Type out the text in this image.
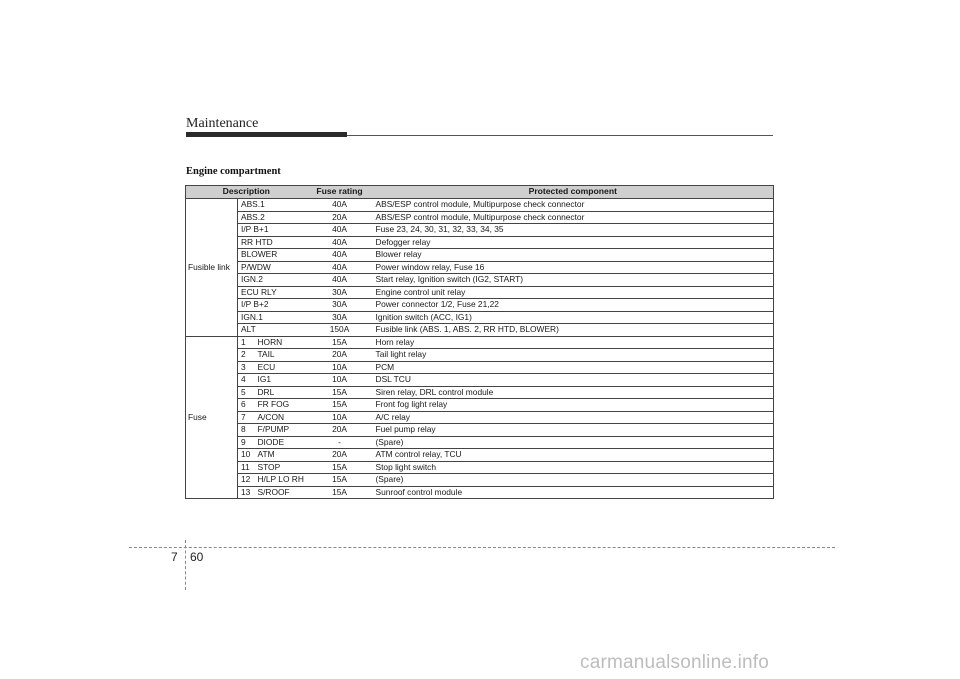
Maintenance
Engine compartment
Description			Fuse rating	Protected component
Fusible link	ABS.1		40A	ABS/ESP control module, Multipurpose check connector
	ABS.2		20A	ABS/ESP control module, Multipurpose check connector
	I/P B+1		40A	Fuse 23, 24, 30, 31, 32, 33, 34, 35
	RR HTD		40A	Defogger relay
	BLOWER		40A	Blower relay
	P/WDW		40A	Power window relay, Fuse 16
	IGN.2		40A	Start relay, Ignition switch (IG2, START)
	ECU RLY		30A	Engine control unit relay
	I/P B+2		30A	Power connector 1/2, Fuse 21,22
	IGN.1		30A	Ignition switch (ACC, IG1)
	ALT		150A	Fusible link (ABS. 1, ABS. 2, RR HTD, BLOWER)
Fuse	1	HORN	15A	Horn relay
	2	TAIL	20A	Tail light relay
	3	ECU	10A	PCM
	4	IG1	10A	DSL TCU
	5	DRL	15A	Siren relay, DRL control module
	6	FR FOG	15A	Front fog light relay
	7	A/CON	10A	A/C relay
	8	F/PUMP	20A	Fuel pump relay
	9	DIODE	-	(Spare)
	10	ATM	20A	ATM control relay, TCU
	11	STOP	15A	Stop light switch
	12	H/LP LO RH	15A	(Spare)
	13	S/ROOF	15A	Sunroof control module
7 60
carmanualsonline.info
